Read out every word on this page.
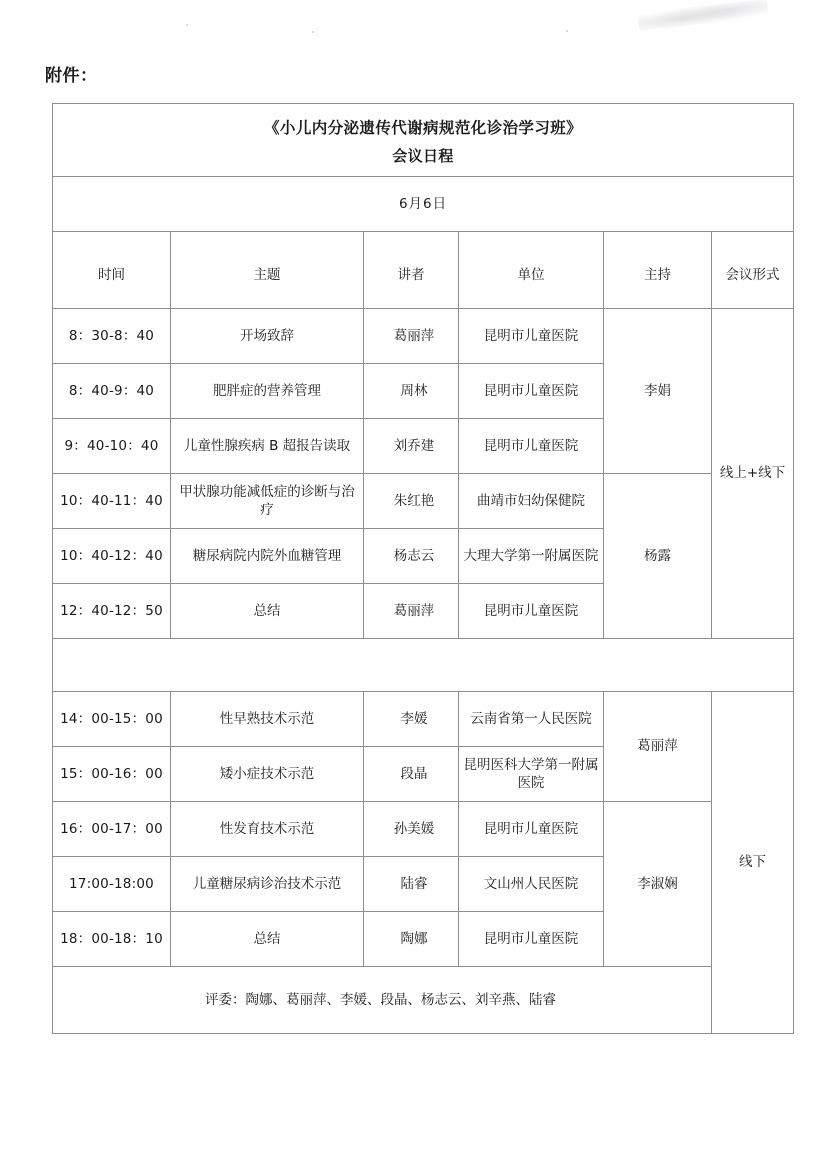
附件：
《小儿内分泌遗传代谢病规范化诊治学习班》
会议日程					

6月6日					
时间	主题	讲者	单位	主持	会议形式
8：30-8：40	开场致辞	葛丽萍	昆明市儿童医院	李娟	线上+线下
8：40-9：40	肥胖症的营养管理	周林	昆明市儿童医院		
9：40-10：40	儿童性腺疾病 B 超报告读取	刘乔建	昆明市儿童医院		
10：40-11：40	甲状腺功能减低症的诊断与治疗	朱红艳	曲靖市妇幼保健院	杨露	
10：40-12：40	糖尿病院内院外血糖管理	杨志云	大理大学第一附属医院		
12：40-12：50	总结	葛丽萍	昆明市儿童医院		

14：00-15：00	性早熟技术示范	李媛	云南省第一人民医院	葛丽萍	线下
15：00-16：00	矮小症技术示范	段晶	昆明医科大学第一附属医院		
16：00-17：00	性发育技术示范	孙美媛	昆明市儿童医院	李淑娴	
17:00-18:00	儿童糖尿病诊治技术示范	陆睿	文山州人民医院		
18：00-18：10	总结	陶娜	昆明市儿童医院		
评委：陶娜、葛丽萍、李媛、段晶、杨志云、刘辛燕、陆睿					
